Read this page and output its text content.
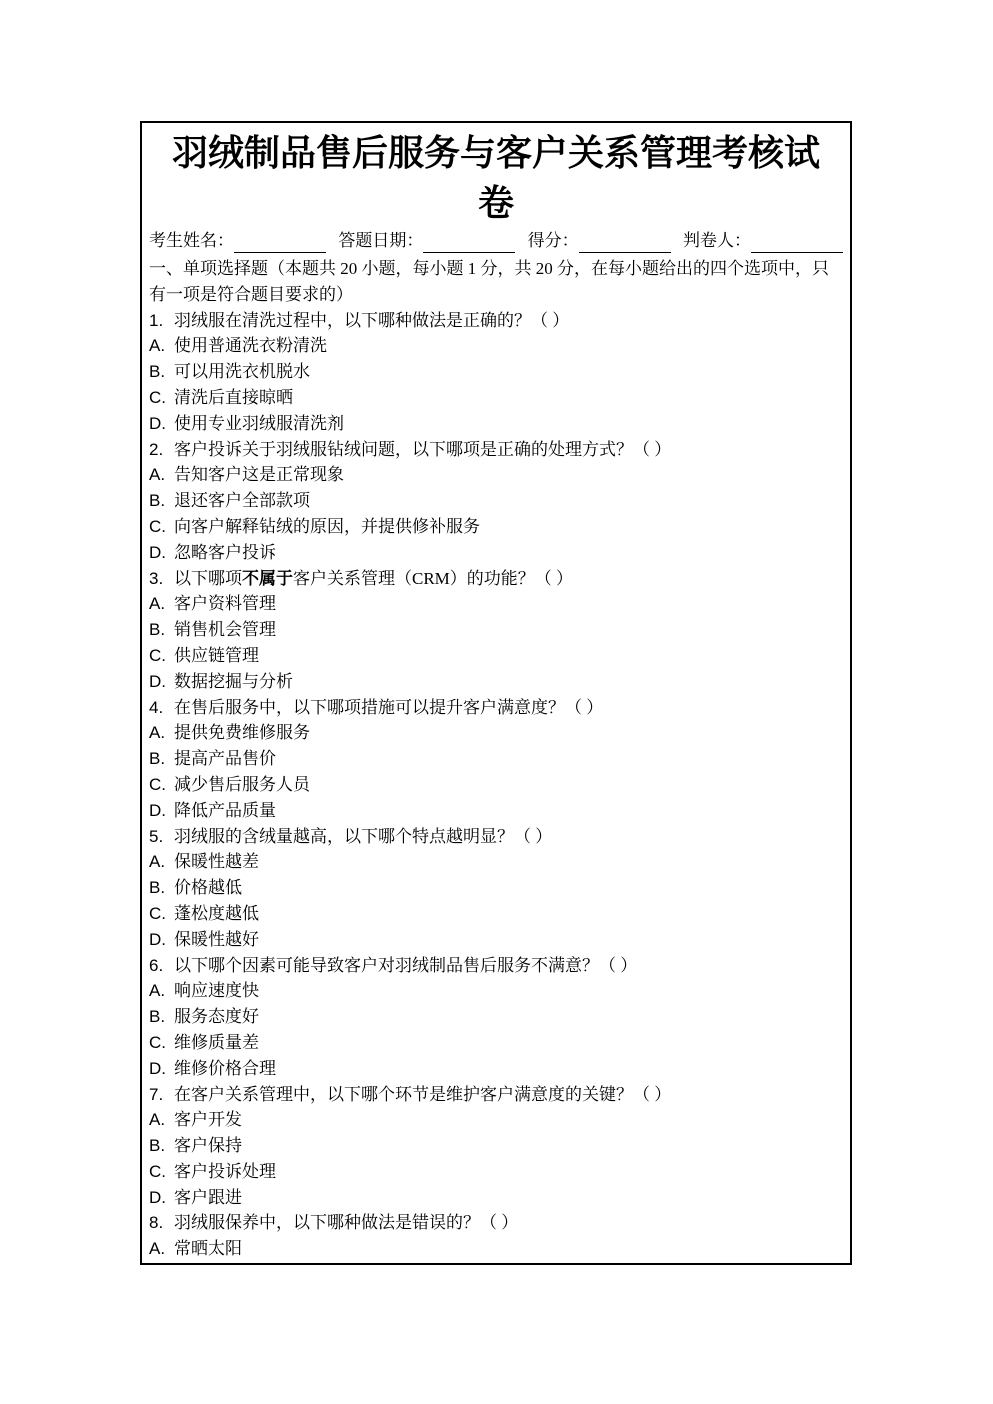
羽绒制品售后服务与客户关系管理考核试卷
考生姓名：	答题日期：	得分：	判卷人：
一、单项选择题（本题共 20 小题，每小题 1 分，共 20 分，在每小题给出的四个选项中，只有一项是符合题目要求的）
1. 羽绒服在清洗过程中，以下哪种做法是正确的？（ ）
A. 使用普通洗衣粉清洗
B. 可以用洗衣机脱水
C. 清洗后直接晾晒
D. 使用专业羽绒服清洗剂
2. 客户投诉关于羽绒服钻绒问题，以下哪项是正确的处理方式？（ ）
A. 告知客户这是正常现象
B. 退还客户全部款项
C. 向客户解释钻绒的原因，并提供修补服务
D. 忽略客户投诉
3. 以下哪项不属于客户关系管理（CRM）的功能？（ ）
A. 客户资料管理
B. 销售机会管理
C. 供应链管理
D. 数据挖掘与分析
4. 在售后服务中，以下哪项措施可以提升客户满意度？（ ）
A. 提供免费维修服务
B. 提高产品售价
C. 减少售后服务人员
D. 降低产品质量
5. 羽绒服的含绒量越高，以下哪个特点越明显？（ ）
A. 保暖性越差
B. 价格越低
C. 蓬松度越低
D. 保暖性越好
6. 以下哪个因素可能导致客户对羽绒制品售后服务不满意？（ ）
A. 响应速度快
B. 服务态度好
C. 维修质量差
D. 维修价格合理
7. 在客户关系管理中，以下哪个环节是维护客户满意度的关键？（ ）
A. 客户开发
B. 客户保持
C. 客户投诉处理
D. 客户跟进
8. 羽绒服保养中，以下哪种做法是错误的？（ ）
A. 常晒太阳
